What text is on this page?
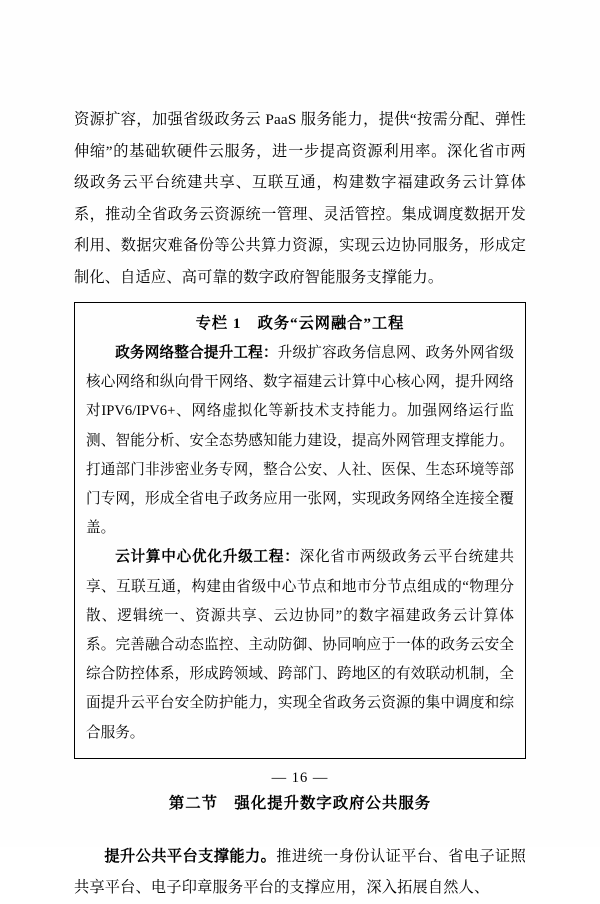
资源扩容，加强省级政务云 PaaS 服务能力，提供“按需分配、弹性伸缩”的基础软硬件云服务，进一步提高资源利用率。深化省市两级政务云平台统建共享、互联互通，构建数字福建政务云计算体系，推动全省政务云资源统一管理、灵活管控。集成调度数据开发利用、数据灾难备份等公共算力资源，实现云边协同服务，形成定制化、自适应、高可靠的数字政府智能服务支撑能力。

专栏 1　政务“云网融合”工程

政务网络整合提升工程：升级扩容政务信息网、政务外网省级核心网络和纵向骨干网络、数字福建云计算中心核心网，提升网络对IPV6/IPV6+、网络虚拟化等新技术支持能力。加强网络运行监测、智能分析、安全态势感知能力建设，提高外网管理支撑能力。打通部门非涉密业务专网，整合公安、人社、医保、生态环境等部门专网，形成全省电子政务应用一张网，实现政务网络全连接全覆盖。

云计算中心优化升级工程：深化省市两级政务云平台统建共享、互联互通，构建由省级中心节点和地市分节点组成的“物理分散、逻辑统一、资源共享、云边协同”的数字福建政务云计算体系。完善融合动态监控、主动防御、协同响应于一体的政务云安全综合防控体系，形成跨领域、跨部门、跨地区的有效联动机制，全面提升云平台安全防护能力，实现全省政务云资源的集中调度和综合服务。

第二节　强化提升数字政府公共服务

提升公共平台支撑能力。推进统一身份认证平台、省电子证照共享平台、电子印章服务平台的支撑应用，深入拓展自然人、

— 16 —
